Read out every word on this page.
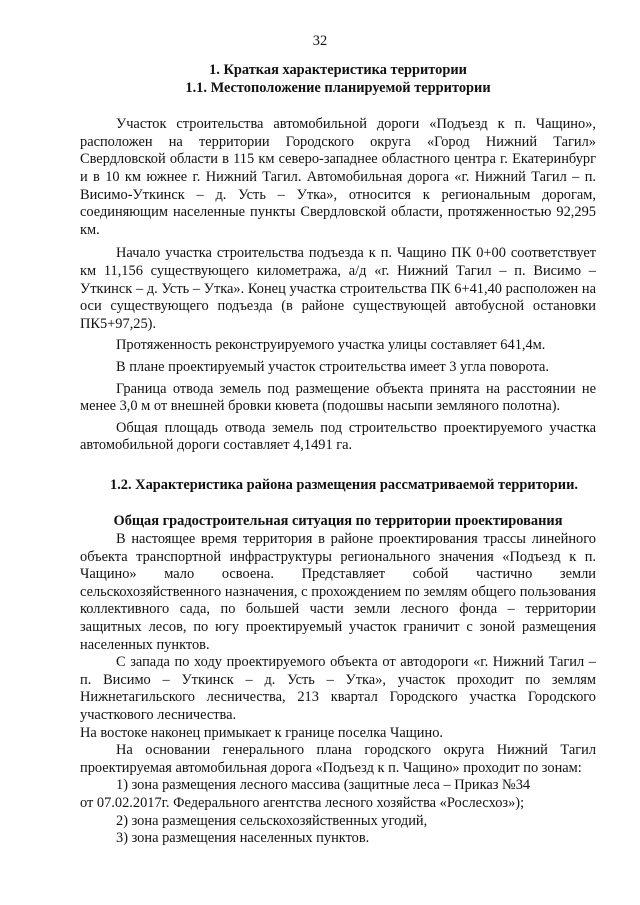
32
1. Краткая характеристика территории
1.1. Местоположение планируемой территории

Участок строительства автомобильной дороги «Подъезд к п. Чащино», расположен на территории Городского округа «Город Нижний Тагил» Свердловской области в 115 км северо-западнее областного центра г. Екатеринбург и в 10 км южнее г. Нижний Тагил. Автомобильная дорога «г. Нижний Тагил – п. Висимо-Уткинск – д. Усть – Утка», относится к региональным дорогам, соединяющим населенные пункты Свердловской области, протяженностью 92,295 км.

Начало участка строительства подъезда к п. Чащино ПК 0+00 соответствует км 11,156 существующего километража, а/д «г. Нижний Тагил – п. Висимо – Уткинск – д. Усть – Утка». Конец участка строительства ПК 6+41,40 расположен на оси существующего подъезда (в районе существующей автобусной остановки ПК5+97,25).

Протяженность реконструируемого участка улицы составляет 641,4м.

В плане проектируемый участок строительства имеет 3 угла поворота.

Граница отвода земель под размещение объекта принята на расстоянии не менее 3,0 м от внешней бровки кювета (подошвы насыпи земляного полотна).

Общая площадь отвода земель под строительство проектируемого участка автомобильной дороги составляет 4,1491 га.

1.2. Характеристика района размещения рассматриваемой территории.
Общая градостроительная ситуация по территории проектирования

В настоящее время территория в районе проектирования трассы линейного объекта транспортной инфраструктуры регионального значения «Подъезд к п. Чащино» мало освоена. Представляет собой частично земли сельскохозяйственного назначения, с прохождением по землям общего пользования коллективного сада, по большей части земли лесного фонда – территории защитных лесов, по югу проектируемый участок граничит с зоной размещения населенных пунктов.

С запада по ходу проектируемого объекта от автодороги «г. Нижний Тагил – п. Висимо – Уткинск – д. Усть – Утка», участок проходит по землям Нижнетагильского лесничества, 213 квартал Городского участка Городского участкового лесничества.

На востоке наконец примыкает к границе поселка Чащино.

На основании генерального плана городского округа Нижний Тагил проектируемая автомобильная дорога «Подъезд к п. Чащино» проходит по зонам:

1) зона размещения лесного массива (защитные леса – Приказ №34
от 07.02.2017г. Федерального агентства лесного хозяйства «Рослесхоз»);
2) зона размещения сельскохозяйственных угодий,
3) зона размещения населенных пунктов.
